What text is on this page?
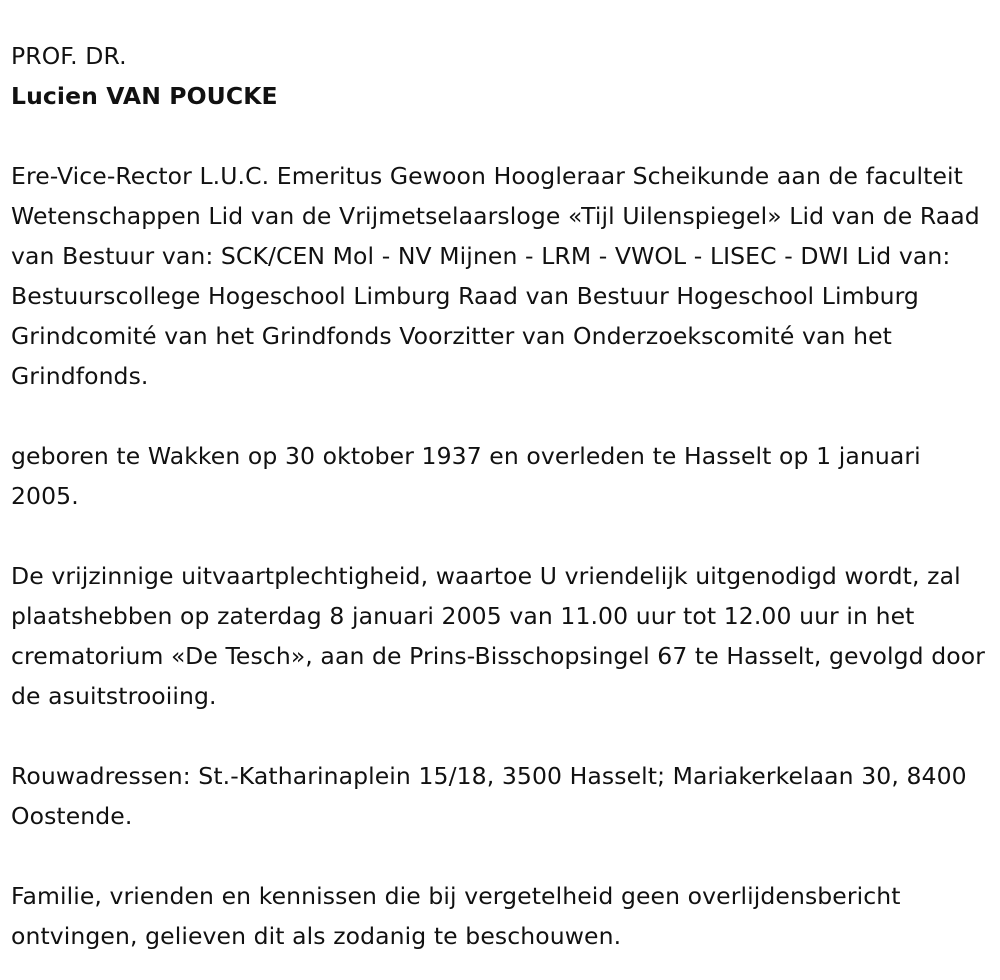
PROF. DR.

Lucien VAN POUCKE

Ere-Vice-Rector L.U.C. Emeritus Gewoon Hoogleraar Scheikunde aan de faculteit Wetenschappen Lid van de Vrijmetselaarsloge «Tijl Uilenspiegel» Lid van de Raad van Bestuur van: SCK/CEN Mol - NV Mijnen - LRM - VWOL - LISEC - DWI Lid van: Bestuurscollege Hogeschool Limburg Raad van Bestuur Hogeschool Limburg Grindcomité van het Grindfonds Voorzitter van Onderzoekscomité van het Grindfonds.

geboren te Wakken op 30 oktober 1937 en overleden te Hasselt op 1 januari 2005.

De vrijzinnige uitvaartplechtigheid, waartoe U vriendelijk uitgenodigd wordt, zal plaatshebben op zaterdag 8 januari 2005 van 11.00 uur tot 12.00 uur in het crematorium «De Tesch», aan de Prins-Bisschopsingel 67 te Hasselt, gevolgd door de asuitstrooiing.

Rouwadressen: St.-Katharinaplein 15/18, 3500 Hasselt; Mariakerkelaan 30, 8400 Oostende.

Familie, vrienden en kennissen die bij vergetelheid geen overlijdensbericht ontvingen, gelieven dit als zodanig te beschouwen.
